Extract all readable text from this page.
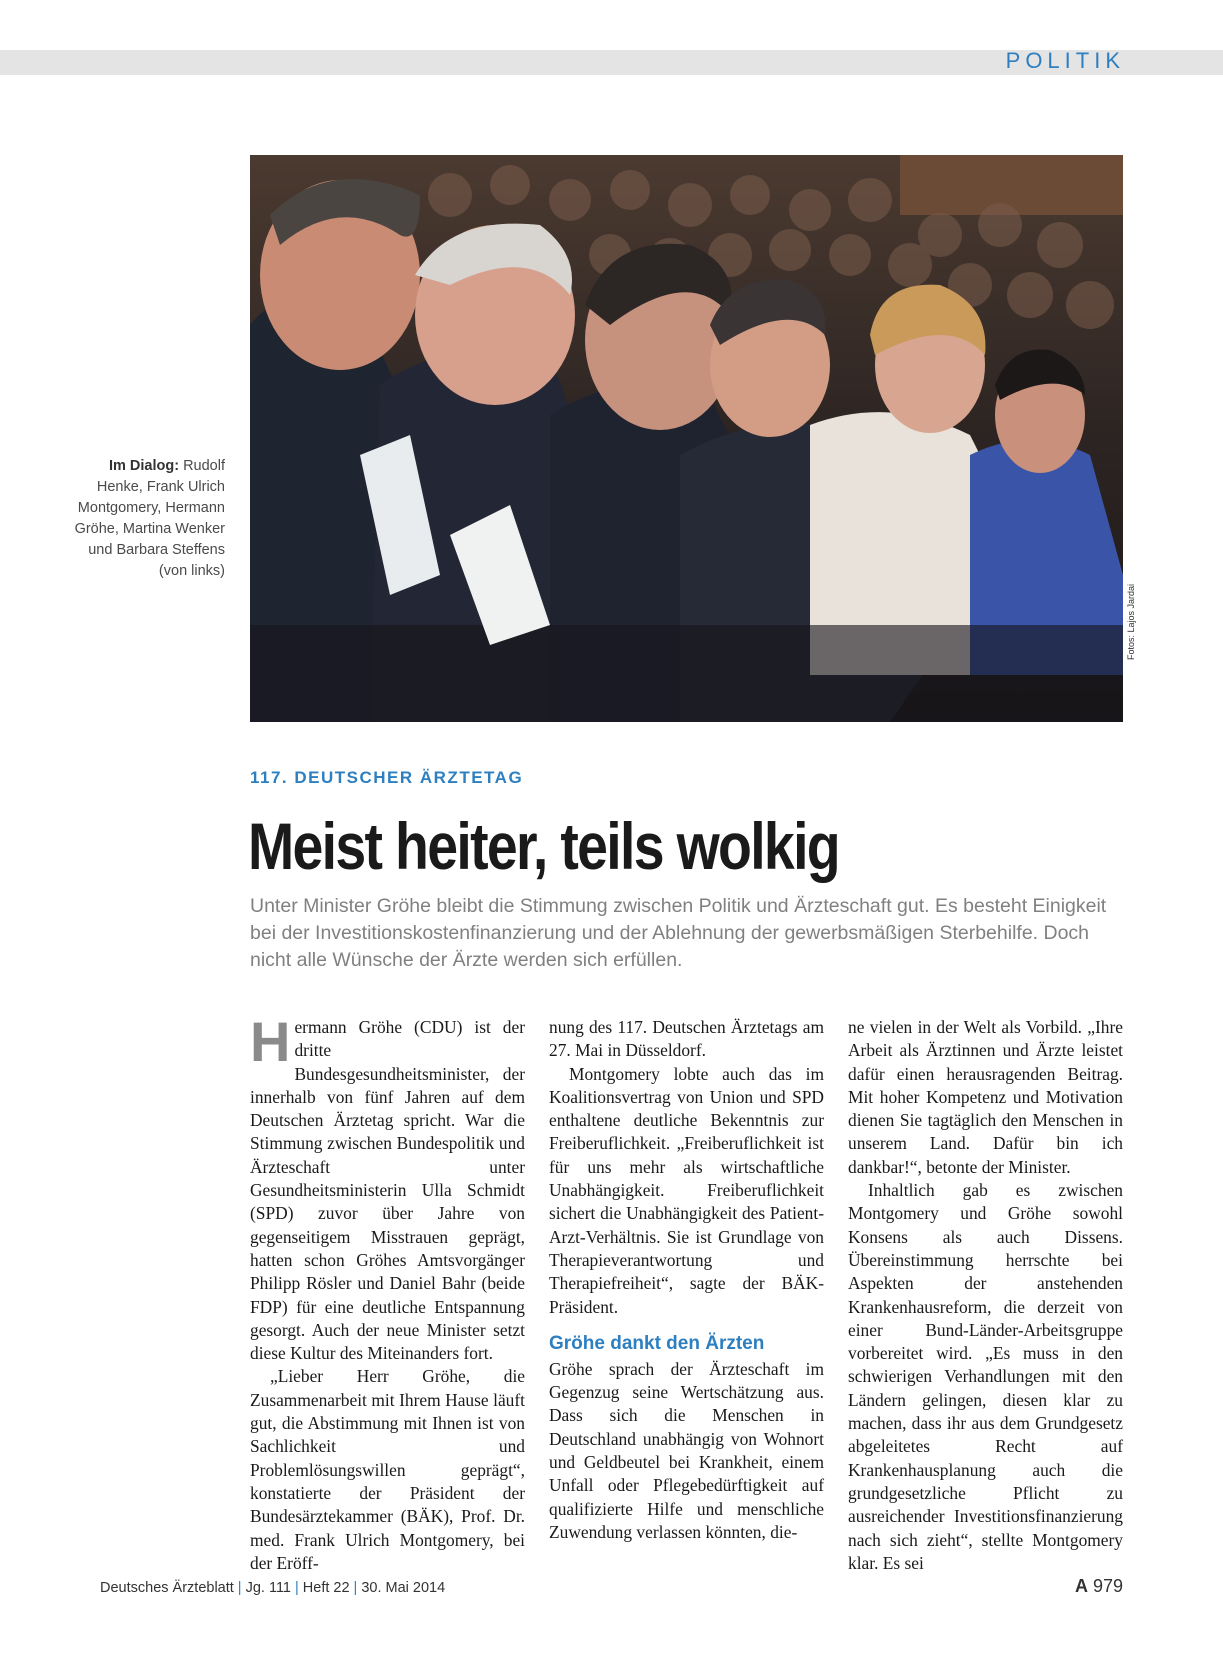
POLITIK
Im Dialog: Rudolf Henke, Frank Ulrich Montgomery, Hermann Gröhe, Martina Wenker und Barbara Steffens (von links)
Fotos: Lajos Jardai
117. DEUTSCHER ÄRZTETAG
Meist heiter, teils wolkig
Unter Minister Gröhe bleibt die Stimmung zwischen Politik und Ärzteschaft gut. Es besteht Einigkeit bei der Investitionskostenfinanzierung und der Ablehnung der gewerbsmäßigen Sterbehilfe. Doch nicht alle Wünsche der Ärzte werden sich erfüllen.

Hermann Gröhe (CDU) ist der dritte Bundesgesundheitsminister, der innerhalb von fünf Jahren auf dem Deutschen Ärztetag spricht. War die Stimmung zwischen Bundespolitik und Ärzteschaft unter Gesundheitsministerin Ulla Schmidt (SPD) zuvor über Jahre von gegenseitigem Misstrauen geprägt, hatten schon Gröhes Amtsvorgänger Philipp Rösler und Daniel Bahr (beide FDP) für eine deutliche Entspannung gesorgt. Auch der neue Minister setzt diese Kultur des Miteinanders fort.

„Lieber Herr Gröhe, die Zusammenarbeit mit Ihrem Hause läuft gut, die Abstimmung mit Ihnen ist von Sachlichkeit und Problemlösungswillen geprägt“, konstatierte der Präsident der Bundesärztekammer (BÄK), Prof. Dr. med. Frank Ulrich Montgomery, bei der Eröff-

nung des 117. Deutschen Ärztetags am 27. Mai in Düsseldorf.

Montgomery lobte auch das im Koalitionsvertrag von Union und SPD enthaltene deutliche Bekenntnis zur Freiberuflichkeit. „Freiberuflichkeit ist für uns mehr als wirtschaftliche Unabhängigkeit. Freiberuflichkeit sichert die Unabhängigkeit des Patient-Arzt-Verhältnis. Sie ist Grundlage von Therapieverantwortung und Therapiefreiheit“, sagte der BÄK-Präsident.

Gröhe dankt den Ärzten

Gröhe sprach der Ärzteschaft im Gegenzug seine Wertschätzung aus. Dass sich die Menschen in Deutschland unabhängig von Wohnort und Geldbeutel bei Krankheit, einem Unfall oder Pflegebedürftigkeit auf qualifizierte Hilfe und menschliche Zuwendung verlassen könnten, die-

ne vielen in der Welt als Vorbild. „Ihre Arbeit als Ärztinnen und Ärzte leistet dafür einen herausragenden Beitrag. Mit hoher Kompetenz und Motivation dienen Sie tagtäglich den Menschen in unserem Land. Dafür bin ich dankbar!“, betonte der Minister.

Inhaltlich gab es zwischen Montgomery und Gröhe sowohl Konsens als auch Dissens. Übereinstimmung herrschte bei Aspekten der anstehenden Krankenhausreform, die derzeit von einer Bund-Länder-Arbeitsgruppe vorbereitet wird. „Es muss in den schwierigen Verhandlungen mit den Ländern gelingen, diesen klar zu machen, dass ihr aus dem Grundgesetz abgeleitetes Recht auf Krankenhausplanung auch die grundgesetzliche Pflicht zu ausreichender Investitionsfinanzierung nach sich zieht“, stellte Montgomery klar. Es sei

Deutsches Ärzteblatt | Jg. 111 | Heft 22 | 30. Mai 2014	A 979
